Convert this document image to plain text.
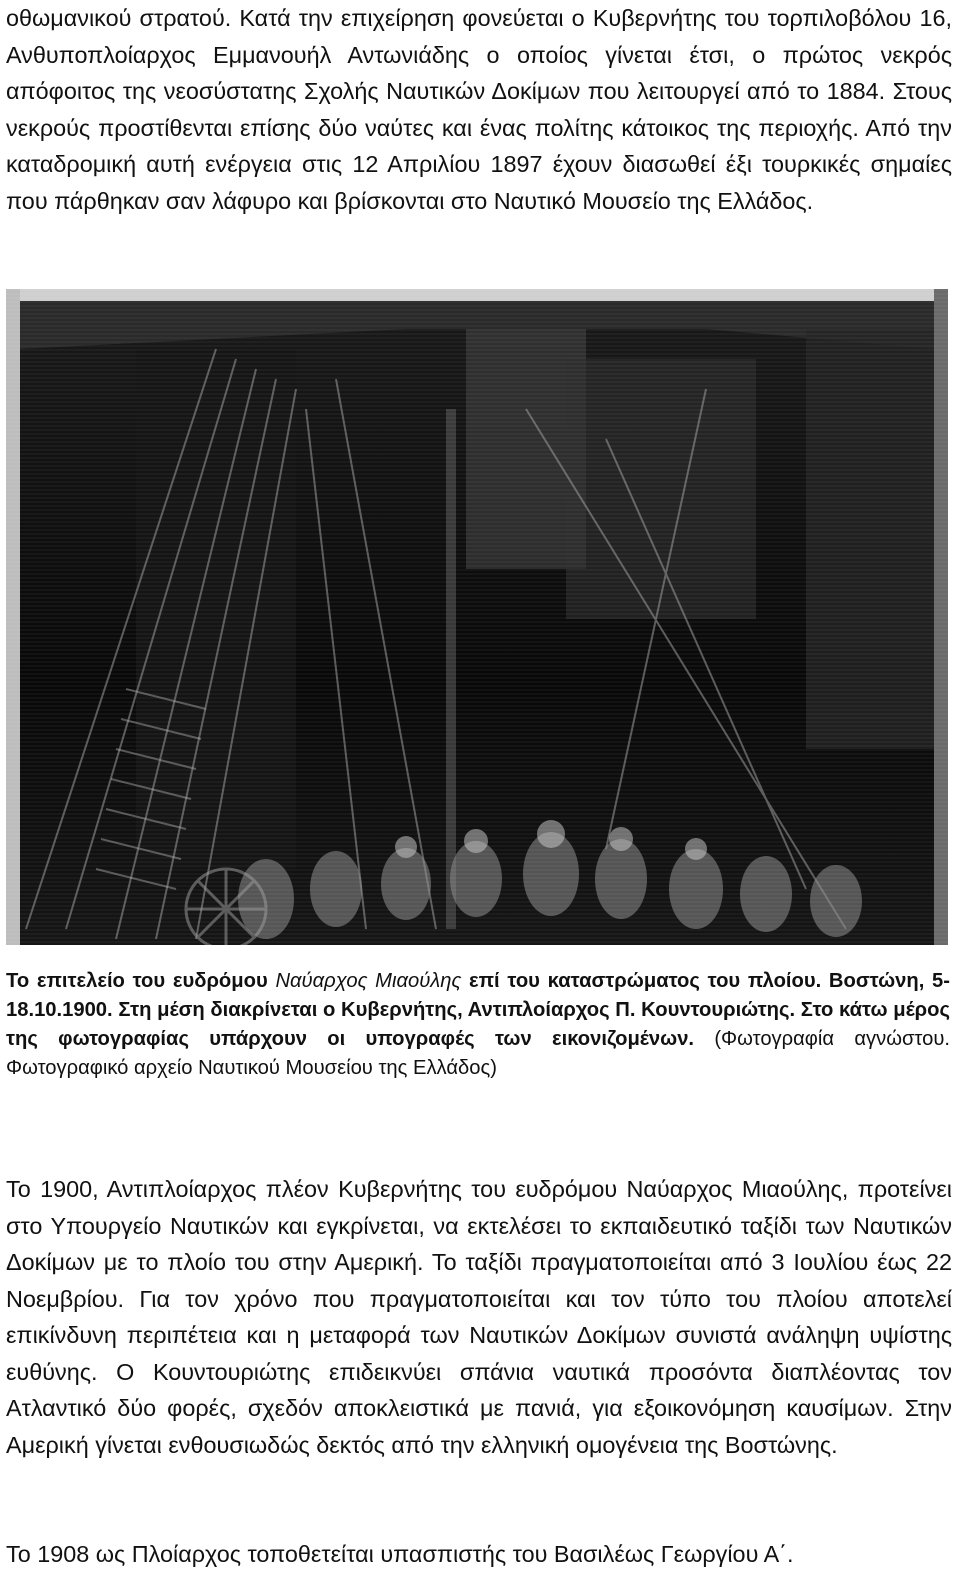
οθωμανικού στρατού. Κατά την επιχείρηση φονεύεται ο Κυβερνήτης του τορπιλοβόλου 16, Ανθυποπλοίαρχος Εμμανουήλ Αντωνιάδης ο οποίος γίνεται έτσι, ο πρώτος νεκρός απόφοιτος της νεοσύστατης Σχολής Ναυτικών Δοκίμων που λειτουργεί από το 1884. Στους νεκρούς προστίθενται επίσης δύο ναύτες και ένας πολίτης κάτοικος της περιοχής. Από την καταδρομική αυτή ενέργεια στις 12 Απριλίου 1897 έχουν διασωθεί έξι τουρκικές σημαίες που πάρθηκαν σαν λάφυρο και βρίσκονται στο Ναυτικό Μουσείο της Ελλάδος.

Το επιτελείο του ευδρόμου Ναύαρχος Μιαούλης επί του καταστρώματος του πλοίου. Βοστώνη, 5-18.10.1900. Στη μέση διακρίνεται ο Κυβερνήτης, Αντιπλοίαρχος Π. Κουντουριώτης. Στο κάτω μέρος της φωτογραφίας υπάρχουν οι υπογραφές των εικονιζομένων. (Φωτογραφία αγνώστου. Φωτογραφικό αρχείο Ναυτικού Μουσείου της Ελλάδος)

Το 1900, Αντιπλοίαρχος πλέον Κυβερνήτης του ευδρόμου Ναύαρχος Μιαούλης, προτείνει στο Υπουργείο Ναυτικών και εγκρίνεται, να εκτελέσει το εκπαιδευτικό ταξίδι των Ναυτικών Δοκίμων με το πλοίο του στην Αμερική. Το ταξίδι πραγματοποιείται από 3 Ιουλίου έως 22 Νοεμβρίου. Για τον χρόνο που πραγματοποιείται και τον τύπο του πλοίου αποτελεί επικίνδυνη περιπέτεια και η μεταφορά των Ναυτικών Δοκίμων συνιστά ανάληψη υψίστης ευθύνης. Ο Κουντουριώτης επιδεικνύει σπάνια ναυτικά προσόντα διαπλέοντας τον Ατλαντικό δύο φορές, σχεδόν αποκλειστικά με πανιά, για εξοικονόμηση καυσίμων. Στην Αμερική γίνεται ενθουσιωδώς δεκτός από την ελληνική ομογένεια της Βοστώνης.

Το 1908 ως Πλοίαρχος τοποθετείται υπασπιστής του Βασιλέως Γεωργίου Α΄.
